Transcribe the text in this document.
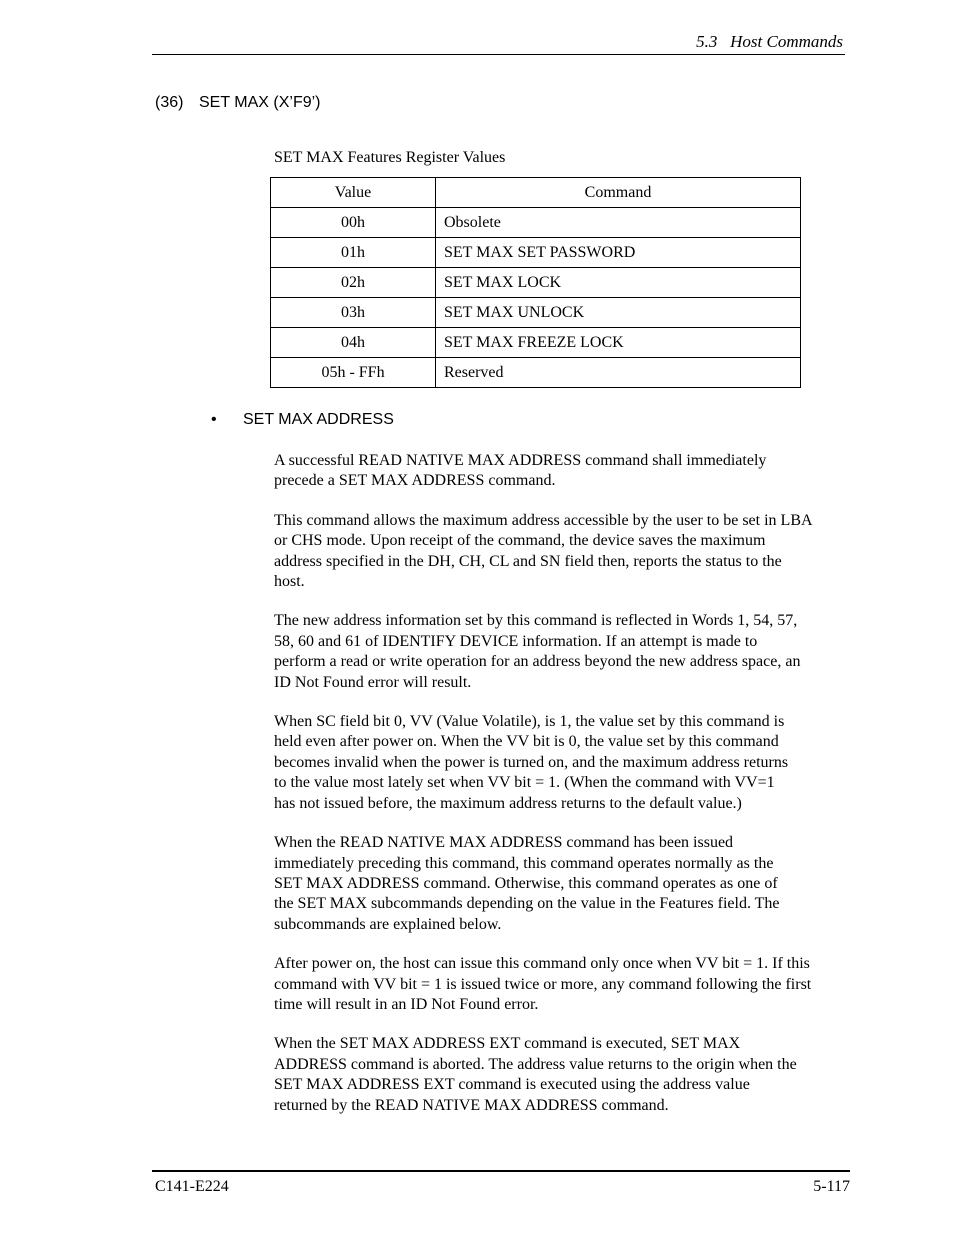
5.3   Host Commands
(36) SET MAX (X’F9’)
SET MAX Features Register Values
Value	Command
00h	Obsolete
01h	SET MAX SET PASSWORD
02h	SET MAX LOCK
03h	SET MAX UNLOCK
04h	SET MAX FREEZE LOCK
05h - FFh	Reserved
• SET MAX ADDRESS

A successful READ NATIVE MAX ADDRESS command shall immediately
precede a SET MAX ADDRESS command.

This command allows the maximum address accessible by the user to be set in LBA
or CHS mode. Upon receipt of the command, the device saves the maximum
address specified in the DH, CH, CL and SN field then, reports the status to the
host.

The new address information set by this command is reflected in Words 1, 54, 57,
58, 60 and 61 of IDENTIFY DEVICE information. If an attempt is made to
perform a read or write operation for an address beyond the new address space, an
ID Not Found error will result.

When SC field bit 0, VV (Value Volatile), is 1, the value set by this command is
held even after power on. When the VV bit is 0, the value set by this command
becomes invalid when the power is turned on, and the maximum address returns
to the value most lately set when VV bit = 1. (When the command with VV=1
has not issued before, the maximum address returns to the default value.)

When the READ NATIVE MAX ADDRESS command has been issued
immediately preceding this command, this command operates normally as the
SET MAX ADDRESS command. Otherwise, this command operates as one of
the SET MAX subcommands depending on the value in the Features field. The
subcommands are explained below.

After power on, the host can issue this command only once when VV bit = 1. If this
command with VV bit = 1 is issued twice or more, any command following the first
time will result in an ID Not Found error.

When the SET MAX ADDRESS EXT command is executed, SET MAX
ADDRESS command is aborted. The address value returns to the origin when the
SET MAX ADDRESS EXT command is executed using the address value
returned by the READ NATIVE MAX ADDRESS command.

C141-E224	5-117
